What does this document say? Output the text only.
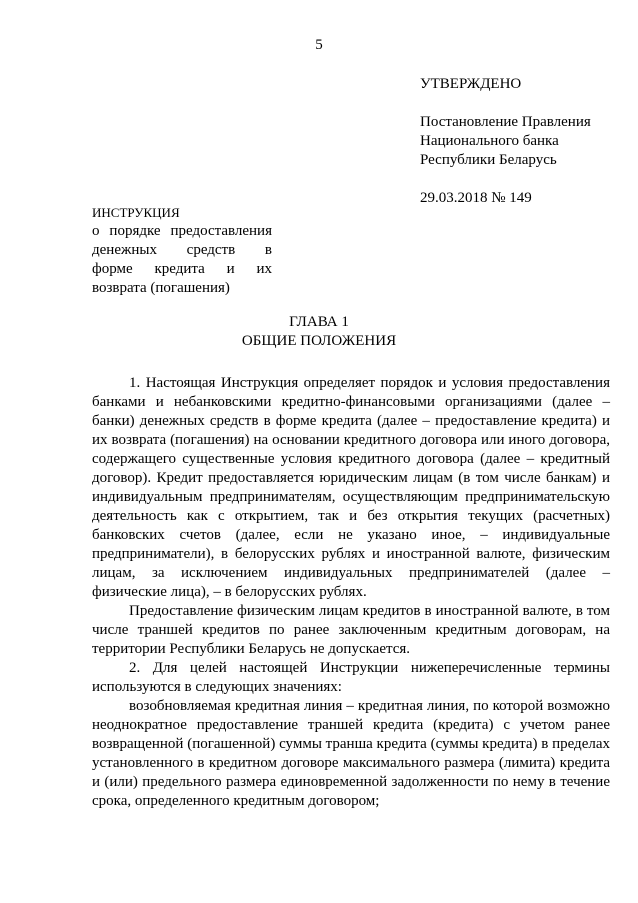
5
УТВЕРЖДЕНО
Постановление Правления
Национального банка
Республики Беларусь
29.03.2018 № 149
ИНСТРУКЦИЯ
о порядке предоставления
денежных средств в
форме кредита и их
возврата (погашения)
ГЛАВА 1
ОБЩИЕ ПОЛОЖЕНИЯ

1. Настоящая Инструкция определяет порядок и условия предоставления банками и небанковскими кредитно-финансовыми организациями (далее – банки) денежных средств в форме кредита (далее – предоставление кредита) и их возврата (погашения) на основании кредитного договора или иного договора, содержащего существенные условия кредитного договора (далее – кредитный договор). Кредит предоставляется юридическим лицам (в том числе банкам) и индивидуальным предпринимателям, осуществляющим предпринимательскую деятельность как с открытием, так и без открытия текущих (расчетных) банковских счетов (далее, если не указано иное, – индивидуальные предприниматели), в белорусских рублях и иностранной валюте, физическим лицам, за исключением индивидуальных предпринимателей (далее – физические лица), – в белорусских рублях.

Предоставление физическим лицам кредитов в иностранной валюте, в том числе траншей кредитов по ранее заключенным кредитным договорам, на территории Республики Беларусь не допускается.

2. Для целей настоящей Инструкции нижеперечисленные термины используются в следующих значениях:

возобновляемая кредитная линия – кредитная линия, по которой возможно неоднократное предоставление траншей кредита (кредита) с учетом ранее возвращенной (погашенной) суммы транша кредита (суммы кредита) в пределах установленного в кредитном договоре максимального размера (лимита) кредита и (или) предельного размера единовременной задолженности по нему в течение срока, определенного кредитным договором;
